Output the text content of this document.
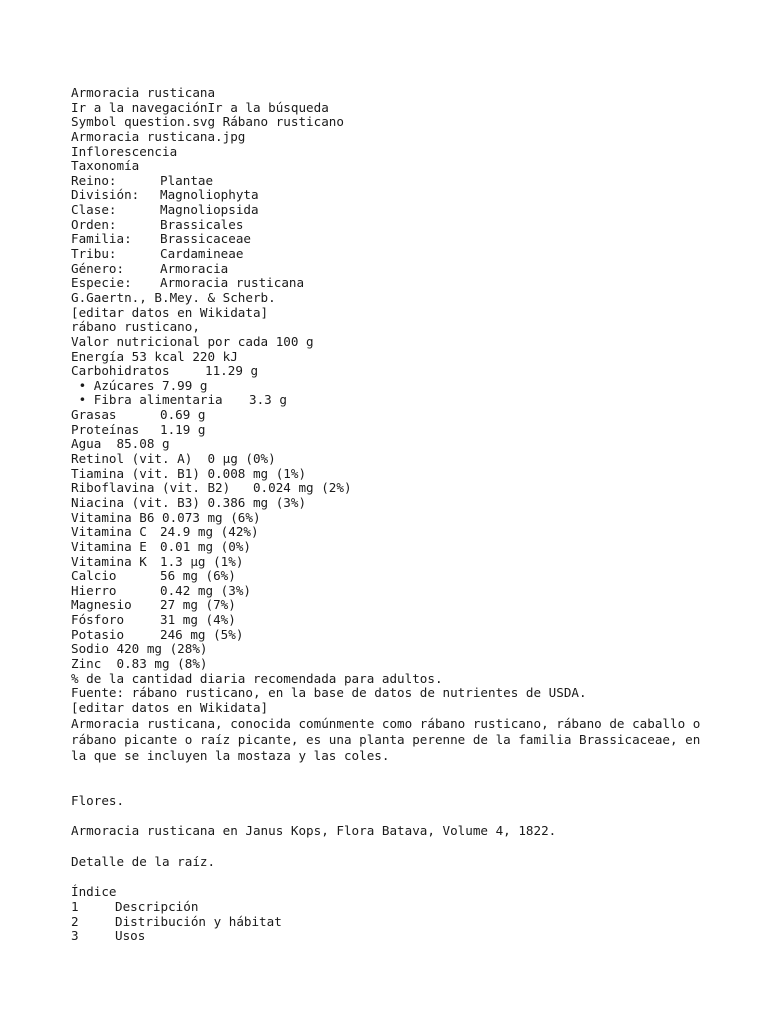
Armoracia rusticana
Ir a la navegaciónIr a la búsqueda
Symbol question.svg Rábano rusticano
Armoracia rusticana.jpg
Inflorescencia
Taxonomía
Reino:	Plantae
División:	Magnoliophyta
Clase:	Magnoliopsida
Orden:	Brassicales
Familia:	Brassicaceae
Tribu:	Cardamineae
Género:	Armoracia
Especie:	Armoracia rusticana
G.Gaertn., B.Mey. & Scherb.
[editar datos en Wikidata]
rábano rusticano,
Valor nutricional por cada 100 g
Energía 53 kcal 220 kJ
Carbohidratos	11.29 g
• Azúcares 7.99 g
• Fibra alimentaria	3.3 g
Grasas	0.69 g
Proteínas	1.19 g
Agua  85.08 g
Retinol (vit. A)  0 µg (0%)
Tiamina (vit. B1) 0.008 mg (1%)
Riboflavina (vit. B2)   0.024 mg (2%)
Niacina (vit. B3) 0.386 mg (3%)
Vitamina B6 0.073 mg (6%)
Vitamina C	24.9 mg (42%)
Vitamina E	0.01 mg (0%)
Vitamina K	1.3 µg (1%)
Calcio	56 mg (6%)
Hierro	0.42 mg (3%)
Magnesio	27 mg (7%)
Fósforo	31 mg (4%)
Potasio	246 mg (5%)
Sodio 420 mg (28%)
Zinc  0.83 mg (8%)
% de la cantidad diaria recomendada para adultos.
Fuente: rábano rusticano, en la base de datos de nutrientes de USDA.
[editar datos en Wikidata]
Armoracia rusticana, conocida comúnmente como rábano rusticano, rábano de caballo o rábano picante o raíz picante, es una planta perenne de la familia Brassicaceae, en la que se incluyen la mostaza y las coles.
Flores.
Armoracia rusticana en Janus Kops, Flora Batava, Volume 4, 1822.
Detalle de la raíz.
Índice
1	Descripción
2	Distribución y hábitat
3	Usos
